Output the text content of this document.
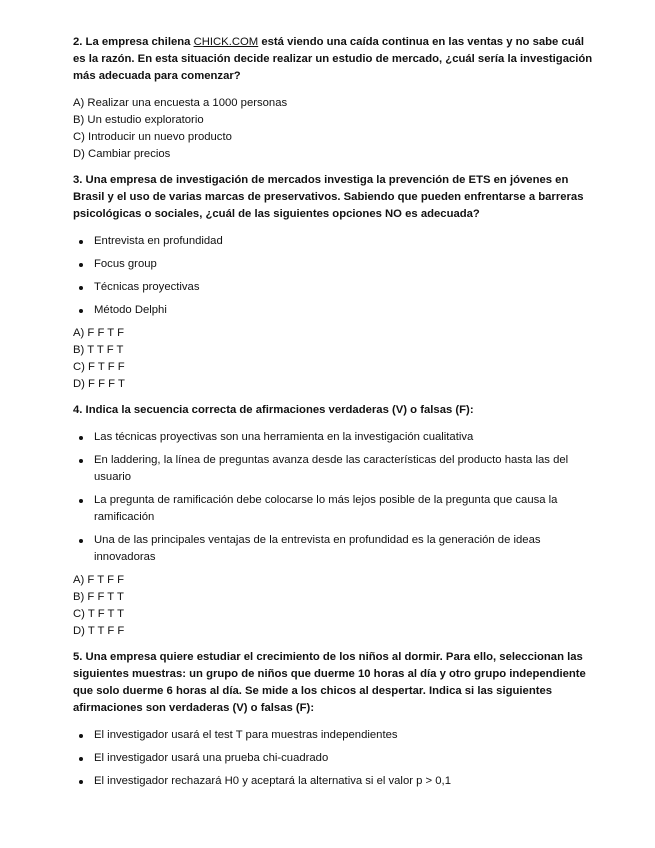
2. La empresa chilena CHICK.COM está viendo una caída continua en las ventas y no sabe cuál es la razón. En esta situación decide realizar un estudio de mercado, ¿cuál sería la investigación más adecuada para comenzar?

A) Realizar una encuesta a 1000 personas
B) Un estudio exploratorio
C) Introducir un nuevo producto
D) Cambiar precios

3. Una empresa de investigación de mercados investiga la prevención de ETS en jóvenes en Brasil y el uso de varias marcas de preservativos. Sabiendo que pueden enfrentarse a barreras psicológicas o sociales, ¿cuál de las siguientes opciones NO es adecuada?

Entrevista en profundidad
Focus group
Técnicas proyectivas
Método Delphi
A) F F T F
B) T T F T
C) F T F F
D) F F F T

4. Indica la secuencia correcta de afirmaciones verdaderas (V) o falsas (F):

Las técnicas proyectivas son una herramienta en la investigación cualitativa
En laddering, la línea de preguntas avanza desde las características del producto hasta las del usuario
La pregunta de ramificación debe colocarse lo más lejos posible de la pregunta que causa la ramificación
Una de las principales ventajas de la entrevista en profundidad es la generación de ideas innovadoras
A) F T F F
B) F F T T
C) T F T T
D) T T F F

5. Una empresa quiere estudiar el crecimiento de los niños al dormir. Para ello, seleccionan las siguientes muestras: un grupo de niños que duerme 10 horas al día y otro grupo independiente que solo duerme 6 horas al día. Se mide a los chicos al despertar. Indica si las siguientes afirmaciones son verdaderas (V) o falsas (F):

El investigador usará el test T para muestras independientes
El investigador usará una prueba chi-cuadrado
El investigador rechazará H0 y aceptará la alternativa si el valor p > 0,1
